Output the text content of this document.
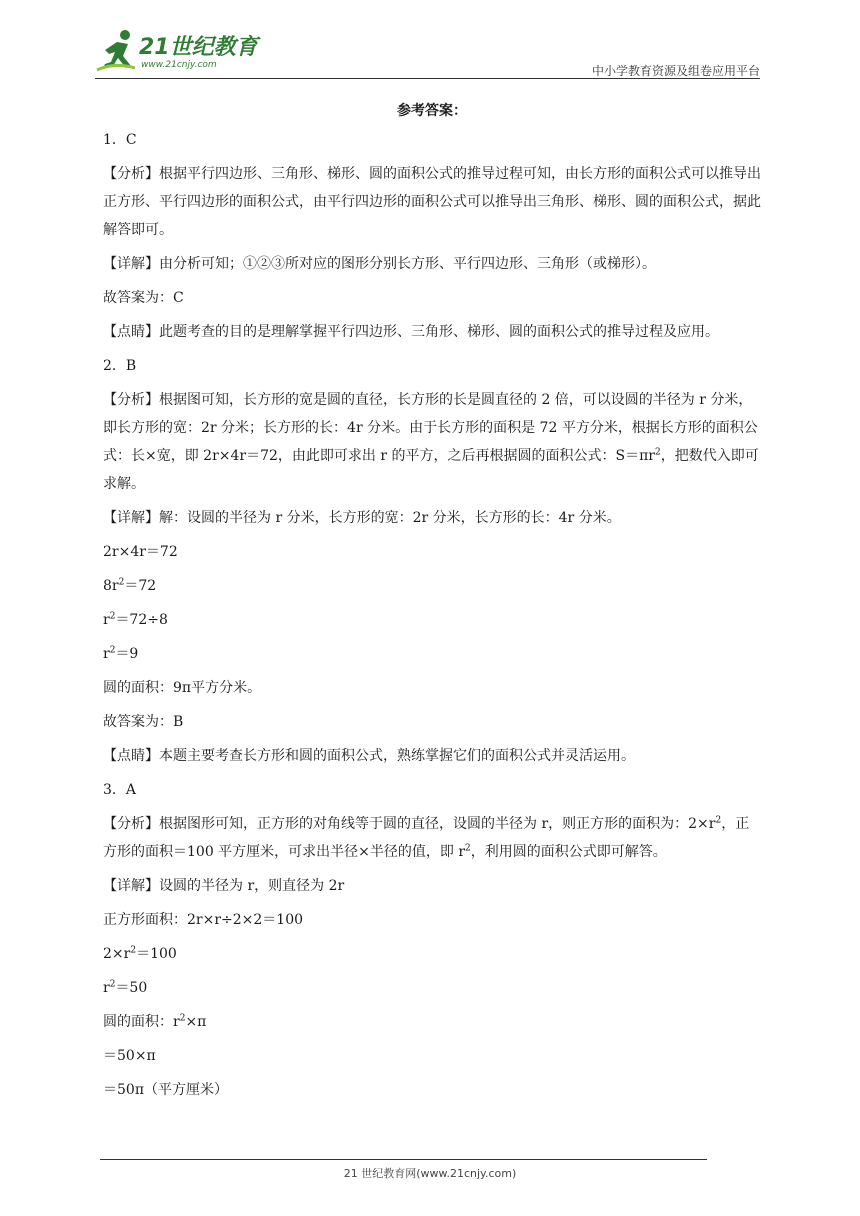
21世纪教育
www.21cnjy.com	中小学教育资源及组卷应用平台
参考答案：

1．C

【分析】根据平行四边形、三角形、梯形、圆的面积公式的推导过程可知，由长方形的面积公式可以推导出正方形、平行四边形的面积公式，由平行四边形的面积公式可以推导出三角形、梯形、圆的面积公式，据此解答即可。

【详解】由分析可知；①②③所对应的图形分别长方形、平行四边形、三角形（或梯形）。

故答案为：C

【点睛】此题考查的目的是理解掌握平行四边形、三角形、梯形、圆的面积公式的推导过程及应用。

2．B

【分析】根据图可知，长方形的宽是圆的直径，长方形的长是圆直径的 2 倍，可以设圆的半径为 r 分米，即长方形的宽：2r 分米；长方形的长：4r 分米。由于长方形的面积是 72 平方分米，根据长方形的面积公式：长×宽，即 2r×4r＝72，由此即可求出 r 的平方，之后再根据圆的面积公式：$S=\pi r^2$，把数代入即可求解。

【详解】解：设圆的半径为 r 分米，长方形的宽：2r 分米，长方形的长：4r 分米。

2r×4r＝72

$8r^2=72$

$r^2=72\div 8$

$r^2=9$

圆的面积：9π平方分米。

故答案为：B

【点睛】本题主要考查长方形和圆的面积公式，熟练掌握它们的面积公式并灵活运用。

3．A

【分析】根据图形可知，正方形的对角线等于圆的直径，设圆的半径为 r，则正方形的面积为：$2\times r^2$，正方形的面积＝100 平方厘米，可求出半径×半径的值，即 $r^2$，利用圆的面积公式即可解答。

【详解】设圆的半径为 r，则直径为 2r

正方形面积：2r×r÷2×2＝100

$2\times r^2=100$

$r^2=50$

圆的面积：$r^2\times\pi$

＝50×π

＝50π（平方厘米）

21 世纪教育网(www.21cnjy.com)
